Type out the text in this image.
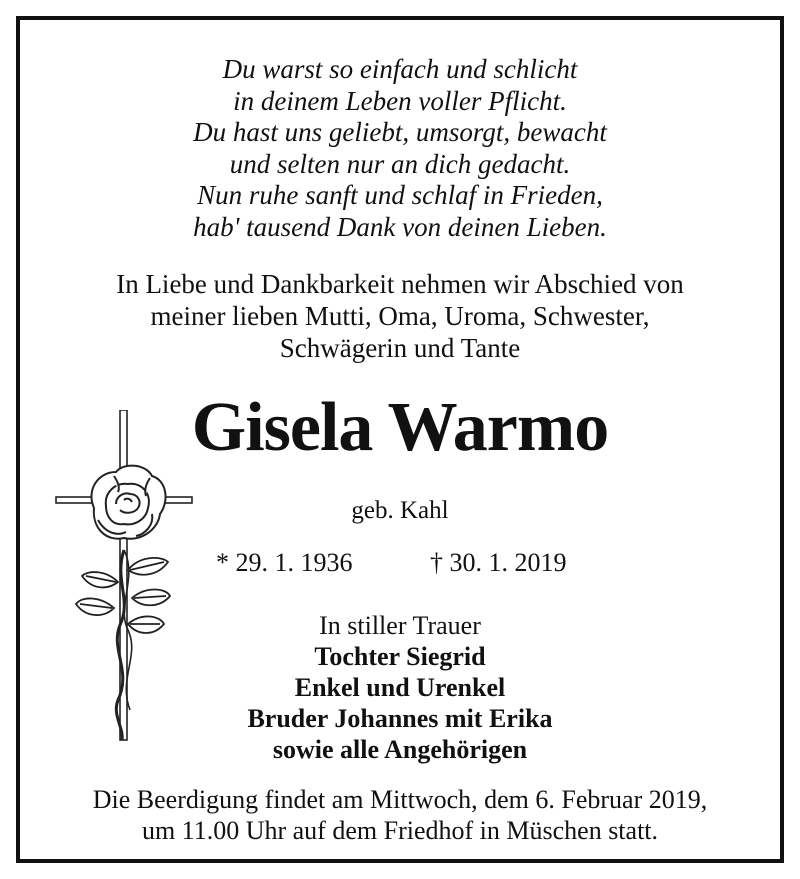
Du warst so einfach und schlicht
in deinem Leben voller Pflicht.
Du hast uns geliebt, umsorgt, bewacht
und selten nur an dich gedacht.
Nun ruhe sanft und schlaf in Frieden,
hab' tausend Dank von deinen Lieben.
In Liebe und Dankbarkeit nehmen wir Abschied von
meiner lieben Mutti, Oma, Uroma, Schwester,
Schwägerin und Tante
Gisela Warmo
geb. Kahl
* 29. 1. 1936	† 30. 1. 2019
In stiller Trauer
Tochter Siegrid
Enkel und Urenkel
Bruder Johannes mit Erika
sowie alle Angehörigen
Die Beerdigung findet am Mittwoch, dem 6. Februar 2019,
um 11.00 Uhr auf dem Friedhof in Müschen statt.
